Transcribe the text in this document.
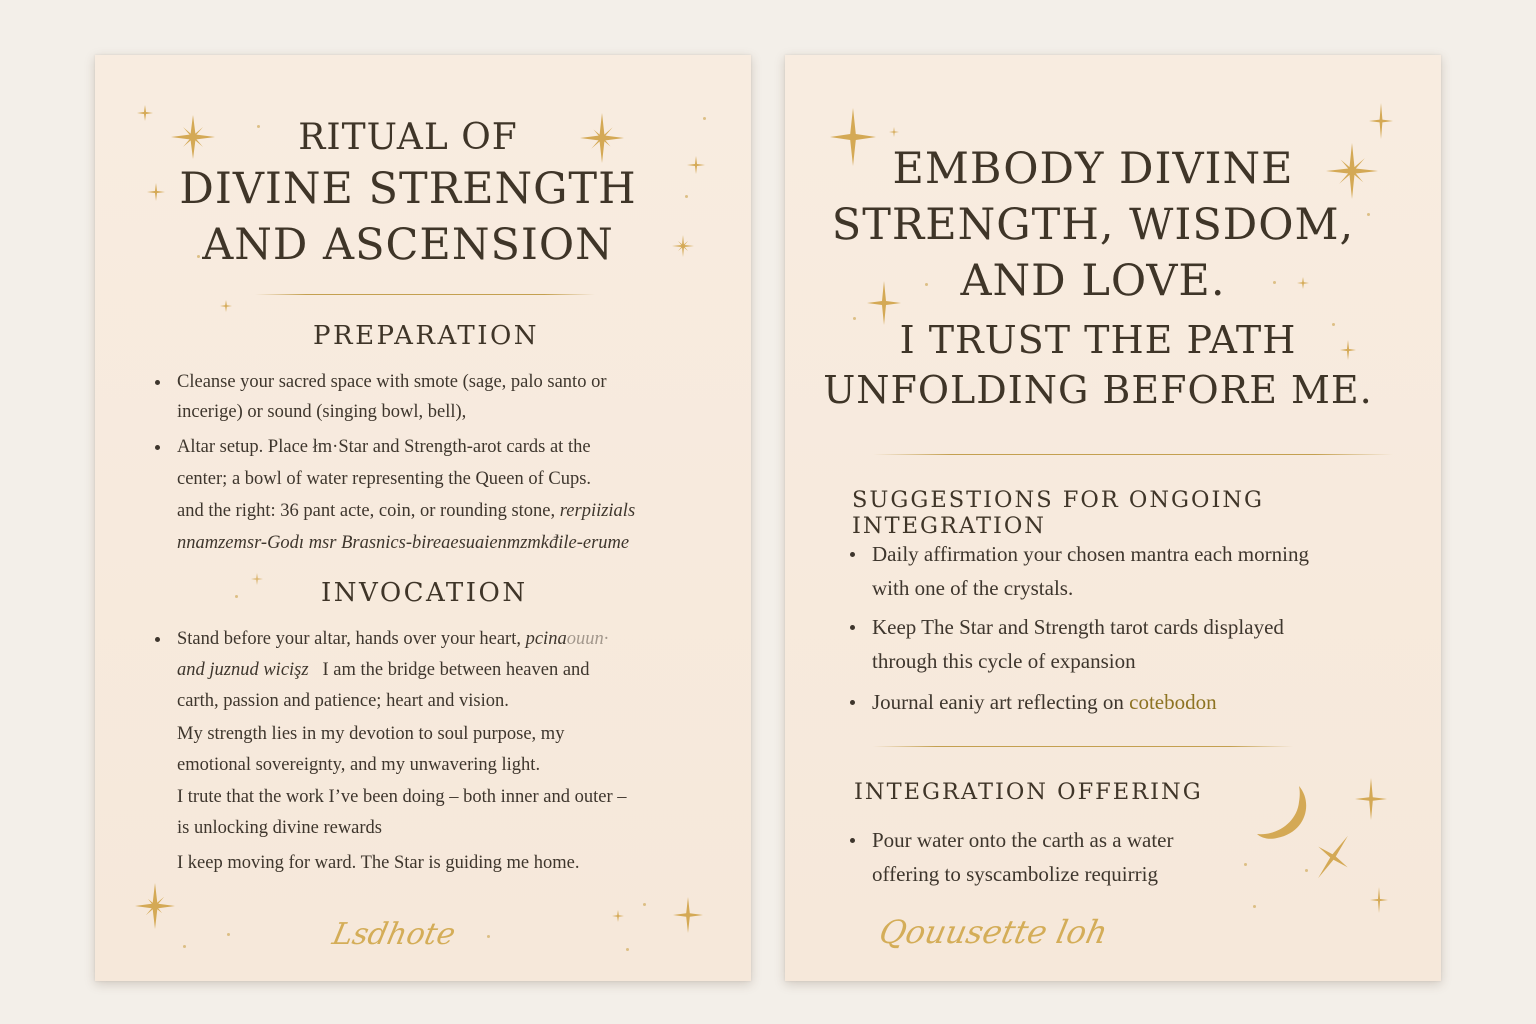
RITUAL OF
DIVINE STRENGTH
AND ASCENSION
PREPARATION
Cleanse your sacred space with smote (sage, palo santo or
incerige) or sound (singing bowl, bell),
Altar setup. Place łm·Star and Strength-arot cards at the
center; a bowl of water representing the Queen of Cups.
and the right: 36 pant acte, coin, or rounding stone, rerpiizials
nnamzemsr-Godı msr Brasnics-bireaesuaienmzmkđile-erume
INVOCATION
Stand before your altar, hands over your heart, pcinaouun·
and juznud wicişz I am the bridge between heaven and
carth, passion and patience; heart and vision.
My strength lies in my devotion to soul purpose, my
emotional sovereignty, and my unwavering light.
I trute that the work I’ve been doing – both inner and outer –
is unlocking divine rewards
I keep moving for ward. The Star is guiding me home.
Lsdhote
EMBODY DIVINE
STRENGTH, WISDOM,
AND LOVE.
I TRUST THE PATH
UNFOLDING BEFORE ME.
SUGGESTIONS FOR ONGOING INTEGRATION
Daily affirmation your chosen mantra each morning
with one of the crystals.
Keep The Star and Strength tarot cards displayed
through this cycle of expansion
Journal eaniy art reflecting on cotebodon
INTEGRATION OFFERING
Pour water onto the carth as a water
offering to syscambolize requirrig
Qouusette loh
